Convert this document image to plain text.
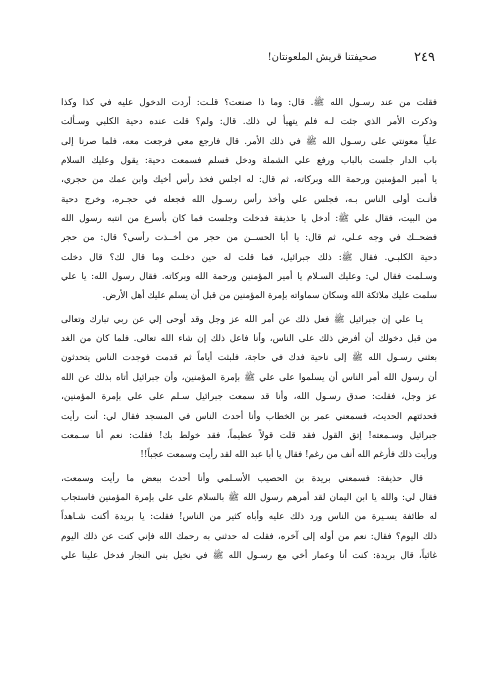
٢٤٩
صحيفتنا قريش الملعونتان!
فقلت من عند رسـول الله ﷺ. قال: وما ذا صنعت؟ قلـت: أردت الدخول عليه في كذا وكذا
وذكرت الأمر الذي جئت لـه فلم يتهيأ لي ذلك. قال: ولم؟ قلت عنده دحية الكلبي وسـألت
علياً معونتي على رسـول الله ﷺ في ذلك الأمر. قال فارجع معي فرجعت معه، فلما صرنا إلى
باب الدار جلست بالباب ورفع علي الشملة ودخل فسلم فسمعت دحية: يقول وعليك السلام
يا أمير المؤمنين ورحمة الله وبركاته، ثم قال: له اجلس فخذ رأس أخيك وابن عمك من حجري،
فأنـت أولى الناس بـه، فجلس علي وأخذ رأس رسـول الله فجعله في حجـره، وخرج دحية
من البيت، فقال علي ﷺ: أدخل يا حذيفة فدخلت وجلست فما كان بأسرع من انتبه رسول الله
فضحــك في وجه عـلي، ثم قال: يا أبا الحســن من حجر من أخــذت رأسي؟ قال: من حجر
دحية الكلبـي. فقال ﷺ: ذلك جبرائيل، فما قلت له حين دخلـت وما قال لك؟ قال دخلت
وسـلمت فقال لي: وعليك السـلام يا أمير المؤمنين ورحمة الله وبركاته. فقال رسول الله: يا علي
سلمت عليك ملائكة الله وسكان سماواته بإمرة المؤمنين من قبل أن يسلم عليك أهل الأرض.
يـا علي إن جبرائيل ﷺ فعل ذلك عن أمر الله عز وجل وقد أوحى إلي عن ربي تبارك وتعالى
من قبل دخولك أن أفرض ذلك على الناس، وأنا فاعل ذلك إن شاء الله تعالى. فلما كان من الغد
بعثني رسـول الله ﷺ إلى ناحية فدك في حاجة، فلبثت أياماً ثم قدمت فوجدت الناس يتحدثون
أن رسول الله أمر الناس أن يسلموا على علي ﷺ بإمرة المؤمنين، وأن جبرائيل أتاه بذلك عن الله
عز وجل، فقلت: صدق رسـول الله، وأنا قد سمعت جبرائيل سـلم على علي بإمرة المؤمنين،
فحدثتهم الحديث، فسمعني عمر بن الخطاب وأنا أحدث الناس في المسجد فقال لي: أنت رأيت
جبرائيل وسـمعته! إتق القول فقد قلت قولاً عظيماً، فقد خولط بك! فقلت: نعم أنا سـمعت
ورأيت ذلك فأرغم الله أنف من رغم! فقال يا أبا عبد الله لقد رأيت وسمعت عجباً!!
قال حذيفة: فسمعني بريدة بن الحصيب الأسـلمي وأنا أحدث ببعض ما رأيت وسمعت،
فقال لي: والله يا ابن اليمان لقد أمرهم رسول الله ﷺ بالسلام على علي بإمرة المؤمنين فاستجاب
له طائفة يسـيرة من الناس ورد ذلك عليه وأباه كثير من الناس! فقلت: يا بريدة أكنت شـاهداً
ذلك اليوم؟ فقال: نعم من أوله إلى آخره، فقلت له حدثني به رحمك الله فإني كنت عن ذلك اليوم
غائباً، قال بريدة: كنت أنا وعمار أخي مع رسـول الله ﷺ في نخيل بني النجار فدخل علينا علي
